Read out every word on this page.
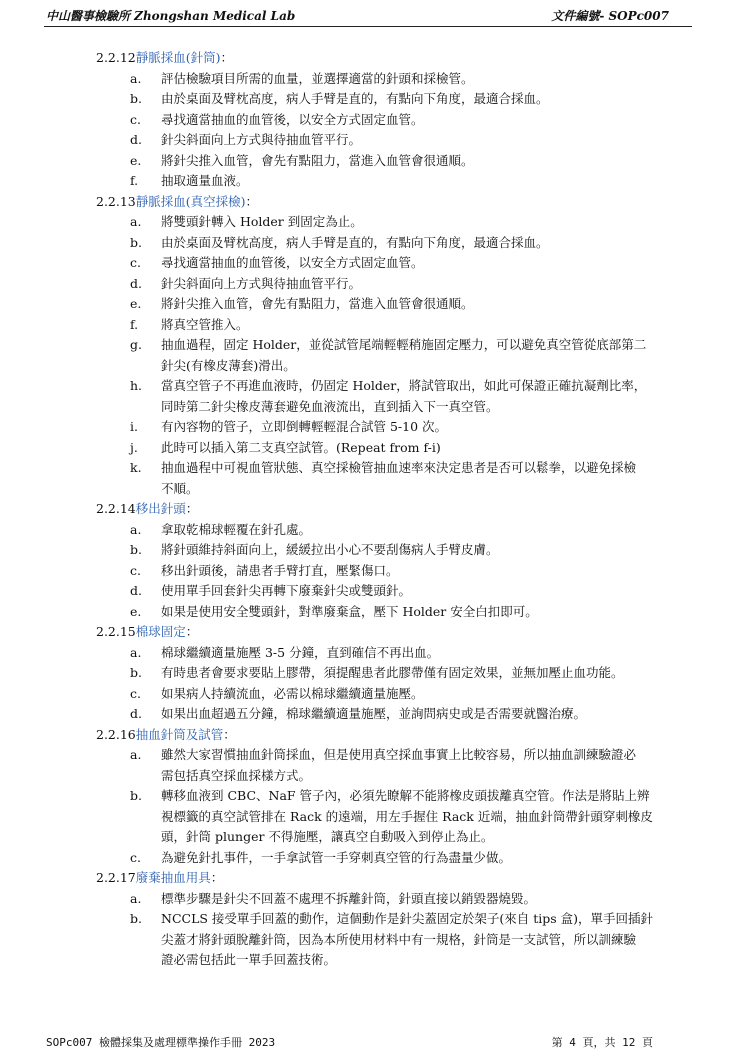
中山醫事檢驗所 Zhongshan Medical Lab	文件編號- SOPc007
2.2.12靜脈採血(針筒)：
a.	評估檢驗項目所需的血量，並選擇適當的針頭和採檢管。
b.	由於桌面及臂枕高度，病人手臂是直的，有點向下角度，最適合採血。
c.	尋找適當抽血的血管後，以安全方式固定血管。
d.	針尖斜面向上方式與待抽血管平行。
e.	將針尖推入血管，會先有點阻力，當進入血管會很通順。
f.	抽取適量血液。
2.2.13靜脈採血(真空採檢)：
a.	將雙頭針轉入 Holder 到固定為止。
b.	由於桌面及臂枕高度，病人手臂是直的，有點向下角度，最適合採血。
c.	尋找適當抽血的血管後，以安全方式固定血管。
d.	針尖斜面向上方式與待抽血管平行。
e.	將針尖推入血管，會先有點阻力，當進入血管會很通順。
f.	將真空管推入。
g.	抽血過程，固定 Holder，並從試管尾端輕輕稍施固定壓力，可以避免真空管從底部第二
針尖(有橡皮薄套)滑出。
h.	當真空管子不再進血液時，仍固定 Holder，將試管取出，如此可保證正確抗凝劑比率，
同時第二針尖橡皮薄套避免血液流出，直到插入下一真空管。
i.	有內容物的管子，立即倒轉輕輕混合試管 5-10 次。
j.	此時可以插入第二支真空試管。(Repeat from f-i)
k.	抽血過程中可視血管狀態、真空採檢管抽血速率來決定患者是否可以鬆拳，以避免採檢
不順。
2.2.14移出針頭：
a.	拿取乾棉球輕覆在針孔處。
b.	將針頭維持斜面向上，緩緩拉出小心不要刮傷病人手臂皮膚。
c.	移出針頭後，請患者手臂打直，壓緊傷口。
d.	使用單手回套針尖再轉下廢棄針尖或雙頭針。
e.	如果是使用安全雙頭針，對準廢棄盒，壓下 Holder 安全白扣即可。
2.2.15棉球固定：
a.	棉球繼續適量施壓 3-5 分鐘，直到確信不再出血。
b.	有時患者會要求要貼上膠帶，須提醒患者此膠帶僅有固定效果，並無加壓止血功能。
c.	如果病人持續流血，必需以棉球繼續適量施壓。
d.	如果出血超過五分鐘，棉球繼續適量施壓，並詢問病史或是否需要就醫治療。
2.2.16抽血針筒及試管：
a.	雖然大家習慣抽血針筒採血，但是使用真空採血事實上比較容易，所以抽血訓練驗證必
需包括真空採血採樣方式。
b.	轉移血液到 CBC、NaF 管子內，必須先瞭解不能將橡皮頭拔離真空管。作法是將貼上辨
視標籤的真空試管排在 Rack 的遠端，用左手握住 Rack 近端，抽血針筒帶針頭穿刺橡皮
頭，針筒 plunger 不得施壓，讓真空自動吸入到停止為止。
c.	為避免針扎事件，一手拿試管一手穿刺真空管的行為盡量少做。
2.2.17廢棄抽血用具：
a.	標準步驟是針尖不回蓋不處理不拆離針筒，針頭直接以銷毀器燒毀。
b.	NCCLS 接受單手回蓋的動作，這個動作是針尖蓋固定於架子(來自 tips 盒)，單手回插針
尖蓋才將針頭脫離針筒，因為本所使用材料中有一規格，針筒是一支試管，所以訓練驗
證必需包括此一單手回蓋技術。
SOPc007 檢體採集及處理標準操作手冊 2023	第 4 頁，共 12 頁
